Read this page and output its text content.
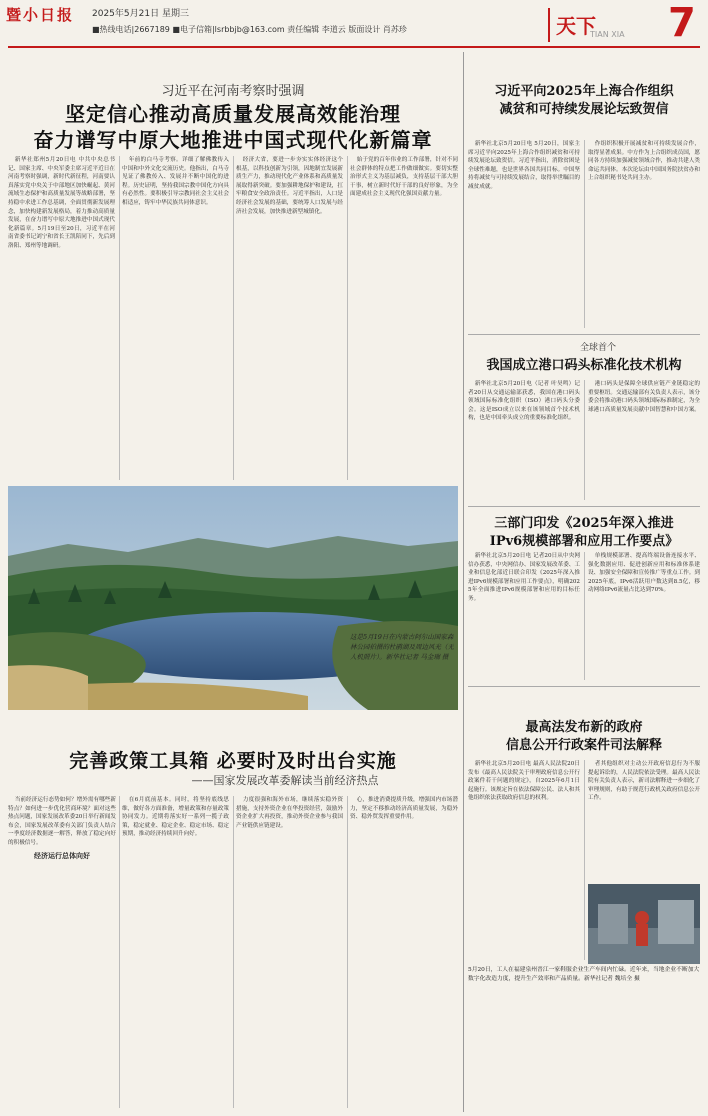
暨小日报 2025年5月21日 星期三
■热线电话|2667189 ■电子信箱|lsrbbjb@163.com 责任编辑 李道云 版面设计 肖苏珍	天下
TIAN XIA 7
习近平在河南考察时强调
坚定信心推动高质量发展高效能治理
奋力谱写中原大地推进中国式现代化新篇章

新华社郑州5月20日电 中共中央总书记、国家主席、中央军委主席习近平近日在河南考察时强调，新时代新征程，河南要认真落实党中央关于中部地区加快崛起、黄河流域生态保护和高质量发展等战略部署，坚持稳中求进工作总基调，全面贯彻新发展理念，加快构建新发展格局，着力推动高质量发展，在奋力谱写中原大地推进中国式现代化新篇章。5月19日至20日，习近平在河南省委书记刘宁和省长王凯陪同下，先后到洛阳、郑州等地调研。

年前的白马寺考察。详细了解佛教传入中国和中外文化交流历史。他指出，白马寺见证了佛教传入、发展并不断中国化的进程。历史证明，坚持我国宗教中国化方向具有必然性。要积极引导宗教同社会主义社会相适应，铸牢中华民族共同体意识。

经济大省，要进一步夯实实体经济这个根基，以科技创新为引领，因地制宜发展新质生产力，推动现代化产业体系和高质量发展取得新突破。要加强耕地保护和建设，扛牢粮食安全政治责任。习近平指出，人口是经济社会发展的基础，要统筹人口发展与经济社会发展，加快推进新型城镇化。

始于党的百年伟业的工作部署，针对不同社会群体的特点把工作做细做实。要切实整治形式主义为基层减负，支持基层干部大胆干事，树立新时代好干部的良好形象，为全面建成社会主义现代化强国贡献力量。

这是5月19日在内蒙古阿尔山国家森林公园拍摄的杜鹃湖及周边风光（无人机照片）。新华社记者 马金瑞 摄
完善政策工具箱 必要时及时出台实施
——国家发展改革委解读当前经济热点

当前经济运行态势如何？增外需有哪些新特点？如何进一步优化营商环境？面对这些热点问题，国家发展改革委20日举行新闻发布会，国家发展改革委有关部门负责人结合一季度经济数据逐一解答，释放了稳定向好的积极信号。

经济运行总体向好

在6月底前基本。同时，将坚持底线思维，做好各方面准备，增量政策和存量政策协同发力。近期将落实好一系列一揽子政策，稳定就业、稳定企业、稳定市场、稳定预期，推动经济持续回升向好。

力度很强和海外市场，继续落实稳外资措施，支持外资企业在华投资经营，鼓励外资企业扩大再投资，推动外资企业参与我国产业链供应链建设。

心，推进消费提质升级，增强国内市场潜力，坚定不移推动经济高质量发展，为稳外资、稳外贸发挥重要作用。

习近平向2025年上海合作组织
减贫和可持续发展论坛致贺信

新华社北京5月20日电 5月20日，国家主席习近平向2025年上海合作组织减贫和可持续发展论坛致贺信。习近平指出，消除贫困是全球性难题，也是世界各国共同目标。中国坚持将减贫与可持续发展结合，取得举世瞩目的减贫成就。

作组织积极开展减贫和可持续发展合作，取得显著成果。中方作为上合组织成员国，愿同各方持续加强减贫领域合作，推动共建人类命运共同体。本次论坛由中国国务院扶贫办和上合组织秘书处共同主办。

全球首个
我国成立港口码头标准化技术机构

新华社北京5月20日电（记者 叶昊鸣）记者20日从交通运输部获悉，我国在港口码头领域国际标准化组织（ISO）港口码头分委会。这是ISO成立以来在该领域首个技术机构，也是中国牵头成立的重要标准化组织。

港口码头是保障全球供应链产业链稳定的重要枢纽。交通运输部有关负责人表示，该分委会将推动港口码头领域国际标准制定，为全球港口高质量发展贡献中国智慧和中国方案。

三部门印发《2025年深入推进
IPv6规模部署和应用工作要点》

新华社北京5月20日电 记者20日从中央网信办获悉，中央网信办、国家发展改革委、工业和信息化部近日联合印发《2025年深入推进IPv6规模部署和应用工作要点》，明确2025年全面推进IPv6规模部署和应用的目标任务。

单栈规模部署、提高终端设备连接水平、强化数据应用、促进创新应用和标准体系建设、加强安全保障和宣传推广等重点工作。到2025年底，IPv6活跃用户数达到8.5亿，移动网络IPv6流量占比达到70%。

最高法发布新的政府
信息公开行政案件司法解释

新华社北京5月20日电 最高人民法院20日发布《最高人民法院关于审理政府信息公开行政案件若干问题的规定》，自2025年6月1日起施行。该规定旨在依法保障公民、法人和其他组织依法获取政府信息的权利。

者其他组织对主动公开政府信息行为不服提起诉讼的，人民法院依法受理。最高人民法院有关负责人表示，新司法解释进一步细化了审理规则，有助于规范行政机关政府信息公开工作。

5月20日，工人在福建泉州晋江一家鞋服企业生产车间内忙碌。近年来，当地企业不断加大数字化改造力度，提升生产效率和产品质量。新华社记者 魏培全 摄
